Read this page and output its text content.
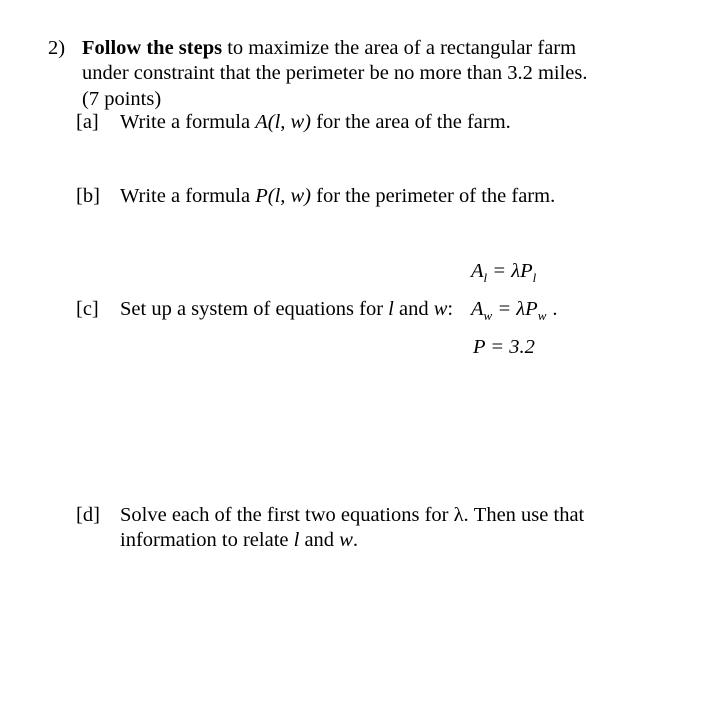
2) Follow the steps to maximize the area of a rectangular farm
under constraint that the perimeter be no more than 3.2 miles.
(7 points)
[a] Write a formula A(l, w) for the area of the farm.
[b] Write a formula P(l, w) for the perimeter of the farm.
$A_l = \lambda P_l$
[c] Set up a system of equations for l and w: $A_w = \lambda P_w$ .
P = 3.2
[d] Solve each of the first two equations for λ. Then use that
information to relate l and w.
